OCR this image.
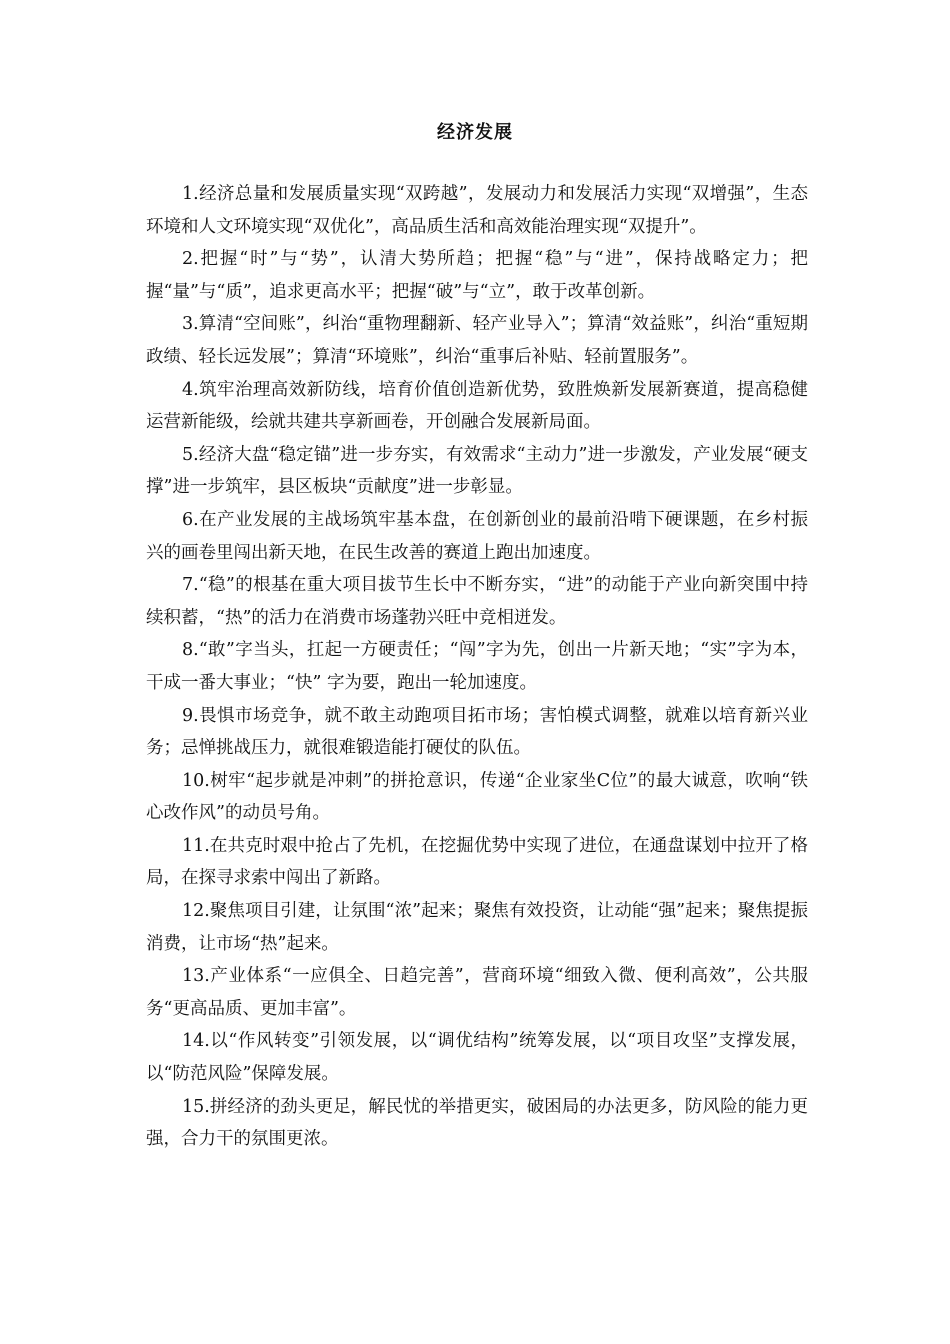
经济发展

1.经济总量和发展质量实现“双跨越”，发展动力和发展活力实现“双增强”，生态环境和人文环境实现“双优化”，高品质生活和高效能治理实现“双提升”。

2.把握“时”与“势”，认清大势所趋；把握“稳”与“进”，保持战略定力；把握“量”与“质”，追求更高水平；把握“破”与“立”，敢于改革创新。

3.算清“空间账”，纠治“重物理翻新、轻产业导入”；算清“效益账”，纠治“重短期政绩、轻长远发展”；算清“环境账”，纠治“重事后补贴、轻前置服务”。

4.筑牢治理高效新防线，培育价值创造新优势，致胜焕新发展新赛道，提高稳健运营新能级，绘就共建共享新画卷，开创融合发展新局面。

5.经济大盘“稳定锚”进一步夯实，有效需求“主动力”进一步激发，产业发展“硬支撑”进一步筑牢，县区板块“贡献度”进一步彰显。

6.在产业发展的主战场筑牢基本盘，在创新创业的最前沿啃下硬课题，在乡村振兴的画卷里闯出新天地，在民生改善的赛道上跑出加速度。

7.“稳”的根基在重大项目拔节生长中不断夯实，“进”的动能于产业向新突围中持续积蓄，“热”的活力在消费市场蓬勃兴旺中竞相迸发。

8.“敢”字当头，扛起一方硬责任；“闯”字为先，创出一片新天地；“实”字为本，干成一番大事业；“快” 字为要，跑出一轮加速度。

9.畏惧市场竞争，就不敢主动跑项目拓市场；害怕模式调整，就难以培育新兴业务；忌惮挑战压力，就很难锻造能打硬仗的队伍。

10.树牢“起步就是冲刺”的拼抢意识，传递“企业家坐C位”的最大诚意，吹响“铁心改作风”的动员号角。

11.在共克时艰中抢占了先机，在挖掘优势中实现了进位，在通盘谋划中拉开了格局，在探寻求索中闯出了新路。

12.聚焦项目引建，让氛围“浓”起来；聚焦有效投资，让动能“强”起来；聚焦提振消费，让市场“热”起来。

13.产业体系“一应俱全、日趋完善”，营商环境“细致入微、便利高效”，公共服务“更高品质、更加丰富”。

14.以“作风转变”引领发展，以“调优结构”统筹发展，以“项目攻坚”支撑发展，以“防范风险”保障发展。

15.拼经济的劲头更足，解民忧的举措更实，破困局的办法更多，防风险的能力更强，合力干的氛围更浓。
